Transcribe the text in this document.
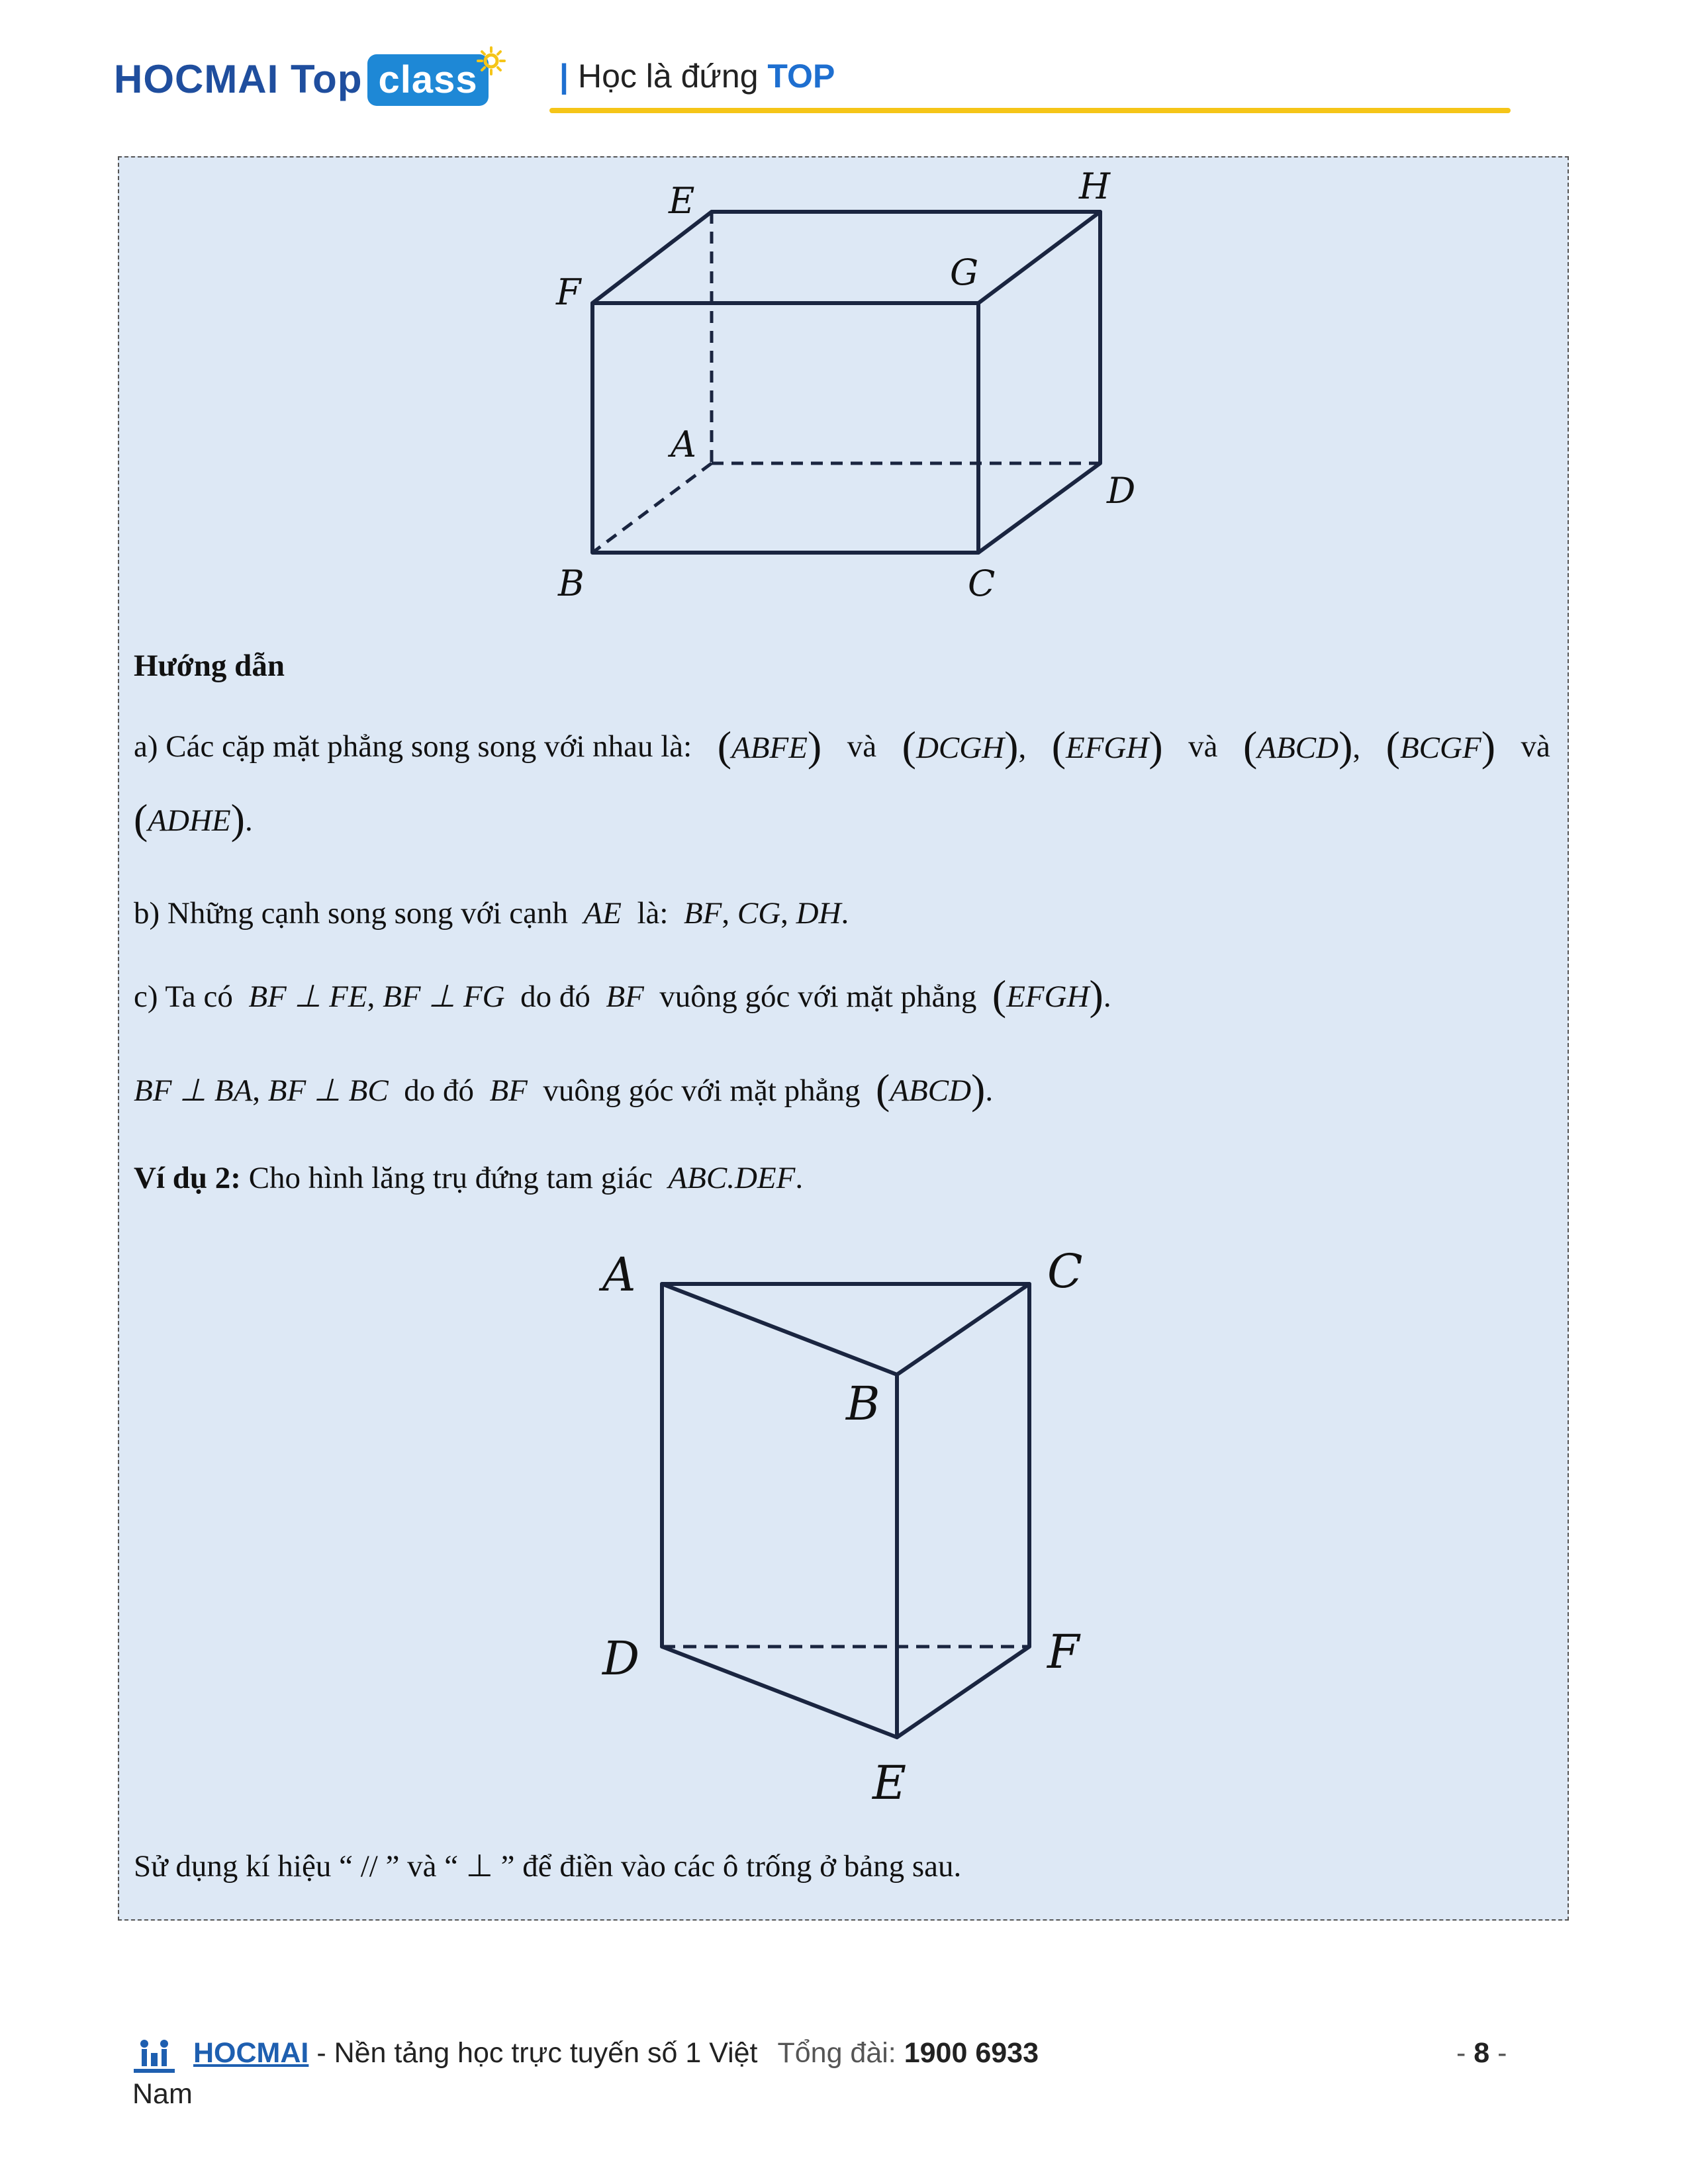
HOCMAI Top class	| Học là đứng TOP
E	H
F	G
A
D
B	C
Hướng dẫn
a) Các cặp mặt phẳng song song với nhau là: (ABFE) và (DCGH), (EFGH) và (ABCD), (BCGF) và
(ADHE).
b) Những cạnh song song với cạnh AE là: BF, CG, DH.
c) Ta có BF ⊥ FE, BF ⊥ FG do đó BF vuông góc với mặt phẳng (EFGH).
BF ⊥ BA, BF ⊥ BC do đó BF vuông góc với mặt phẳng (ABCD).
Ví dụ 2: Cho hình lăng trụ đứng tam giác ABC.DEF.
A	C
B
D	F
E
Sử dụng kí hiệu “ // ” và “ ⊥ ” để điền vào các ô trống ở bảng sau.
HOCMAI - Nền tảng học trực tuyến số 1 Việt Tổng đài: 1900 6933
Nam
- 8 -
